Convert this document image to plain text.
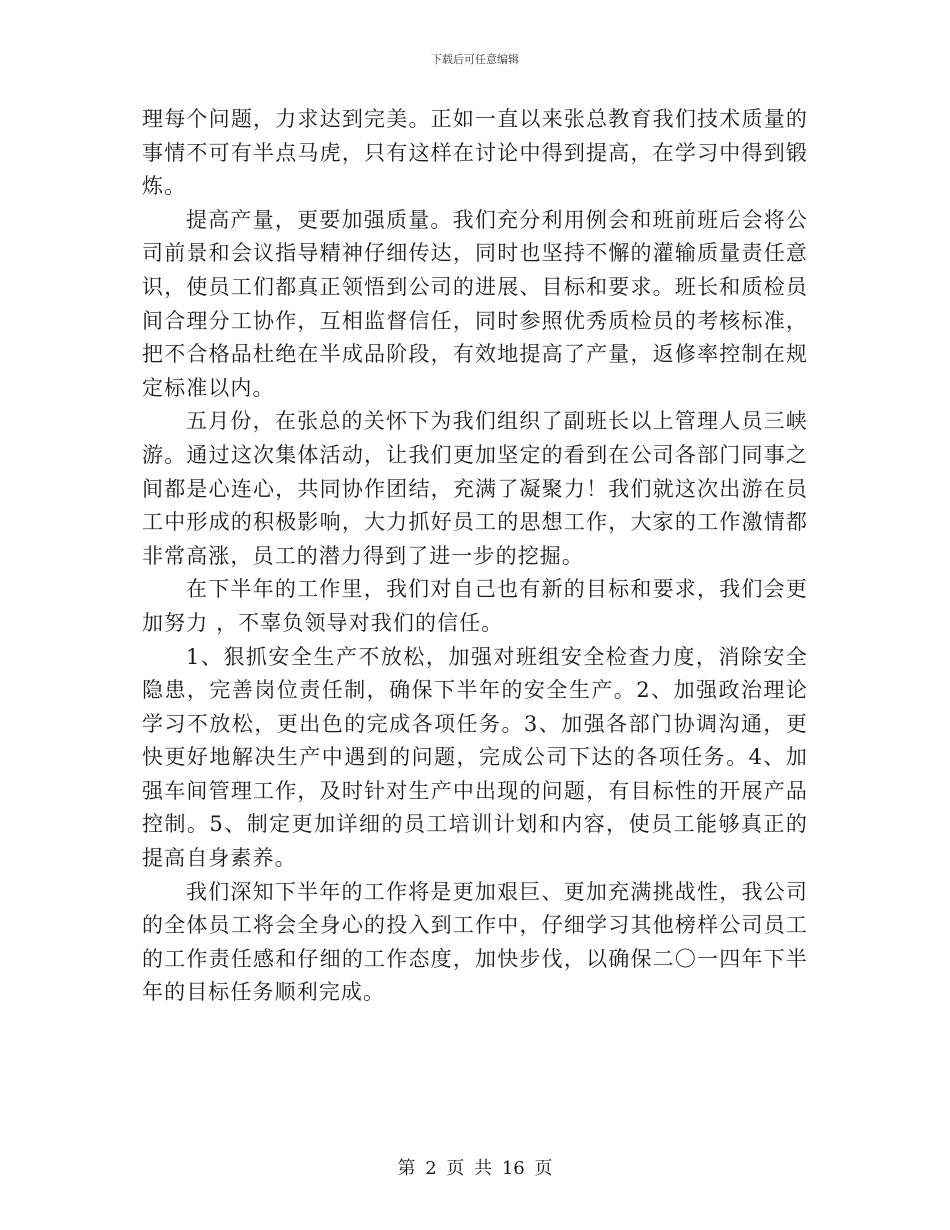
下载后可任意编辑

理每个问题，力求达到完美。正如一直以来张总教育我们技术质量的事情不可有半点马虎，只有这样在讨论中得到提高，在学习中得到锻炼。

提高产量，更要加强质量。我们充分利用例会和班前班后会将公司前景和会议指导精神仔细传达，同时也坚持不懈的灌输质量责任意识，使员工们都真正领悟到公司的进展、目标和要求。班长和质检员间合理分工协作，互相监督信任，同时参照优秀质检员的考核标准，把不合格品杜绝在半成品阶段，有效地提高了产量，返修率控制在规定标准以内。

五月份，在张总的关怀下为我们组织了副班长以上管理人员三峡游。通过这次集体活动，让我们更加坚定的看到在公司各部门同事之间都是心连心，共同协作团结，充满了凝聚力！我们就这次出游在员工中形成的积极影响，大力抓好员工的思想工作，大家的工作激情都非常高涨，员工的潜力得到了进一步的挖掘。

在下半年的工作里，我们对自己也有新的目标和要求，我们会更加努力 ，不辜负领导对我们的信任。

1、狠抓安全生产不放松，加强对班组安全检查力度，消除安全隐患，完善岗位责任制，确保下半年的安全生产。2、加强政治理论学习不放松，更出色的完成各项任务。3、加强各部门协调沟通，更快更好地解决生产中遇到的问题，完成公司下达的各项任务。4、加强车间管理工作，及时针对生产中出现的问题，有目标性的开展产品控制。5、制定更加详细的员工培训计划和内容，使员工能够真正的提高自身素养。

我们深知下半年的工作将是更加艰巨、更加充满挑战性，我公司的全体员工将会全身心的投入到工作中，仔细学习其他榜样公司员工的工作责任感和仔细的工作态度，加快步伐，以确保二〇一四年下半年的目标任务顺利完成。

第 2 页 共 16 页
